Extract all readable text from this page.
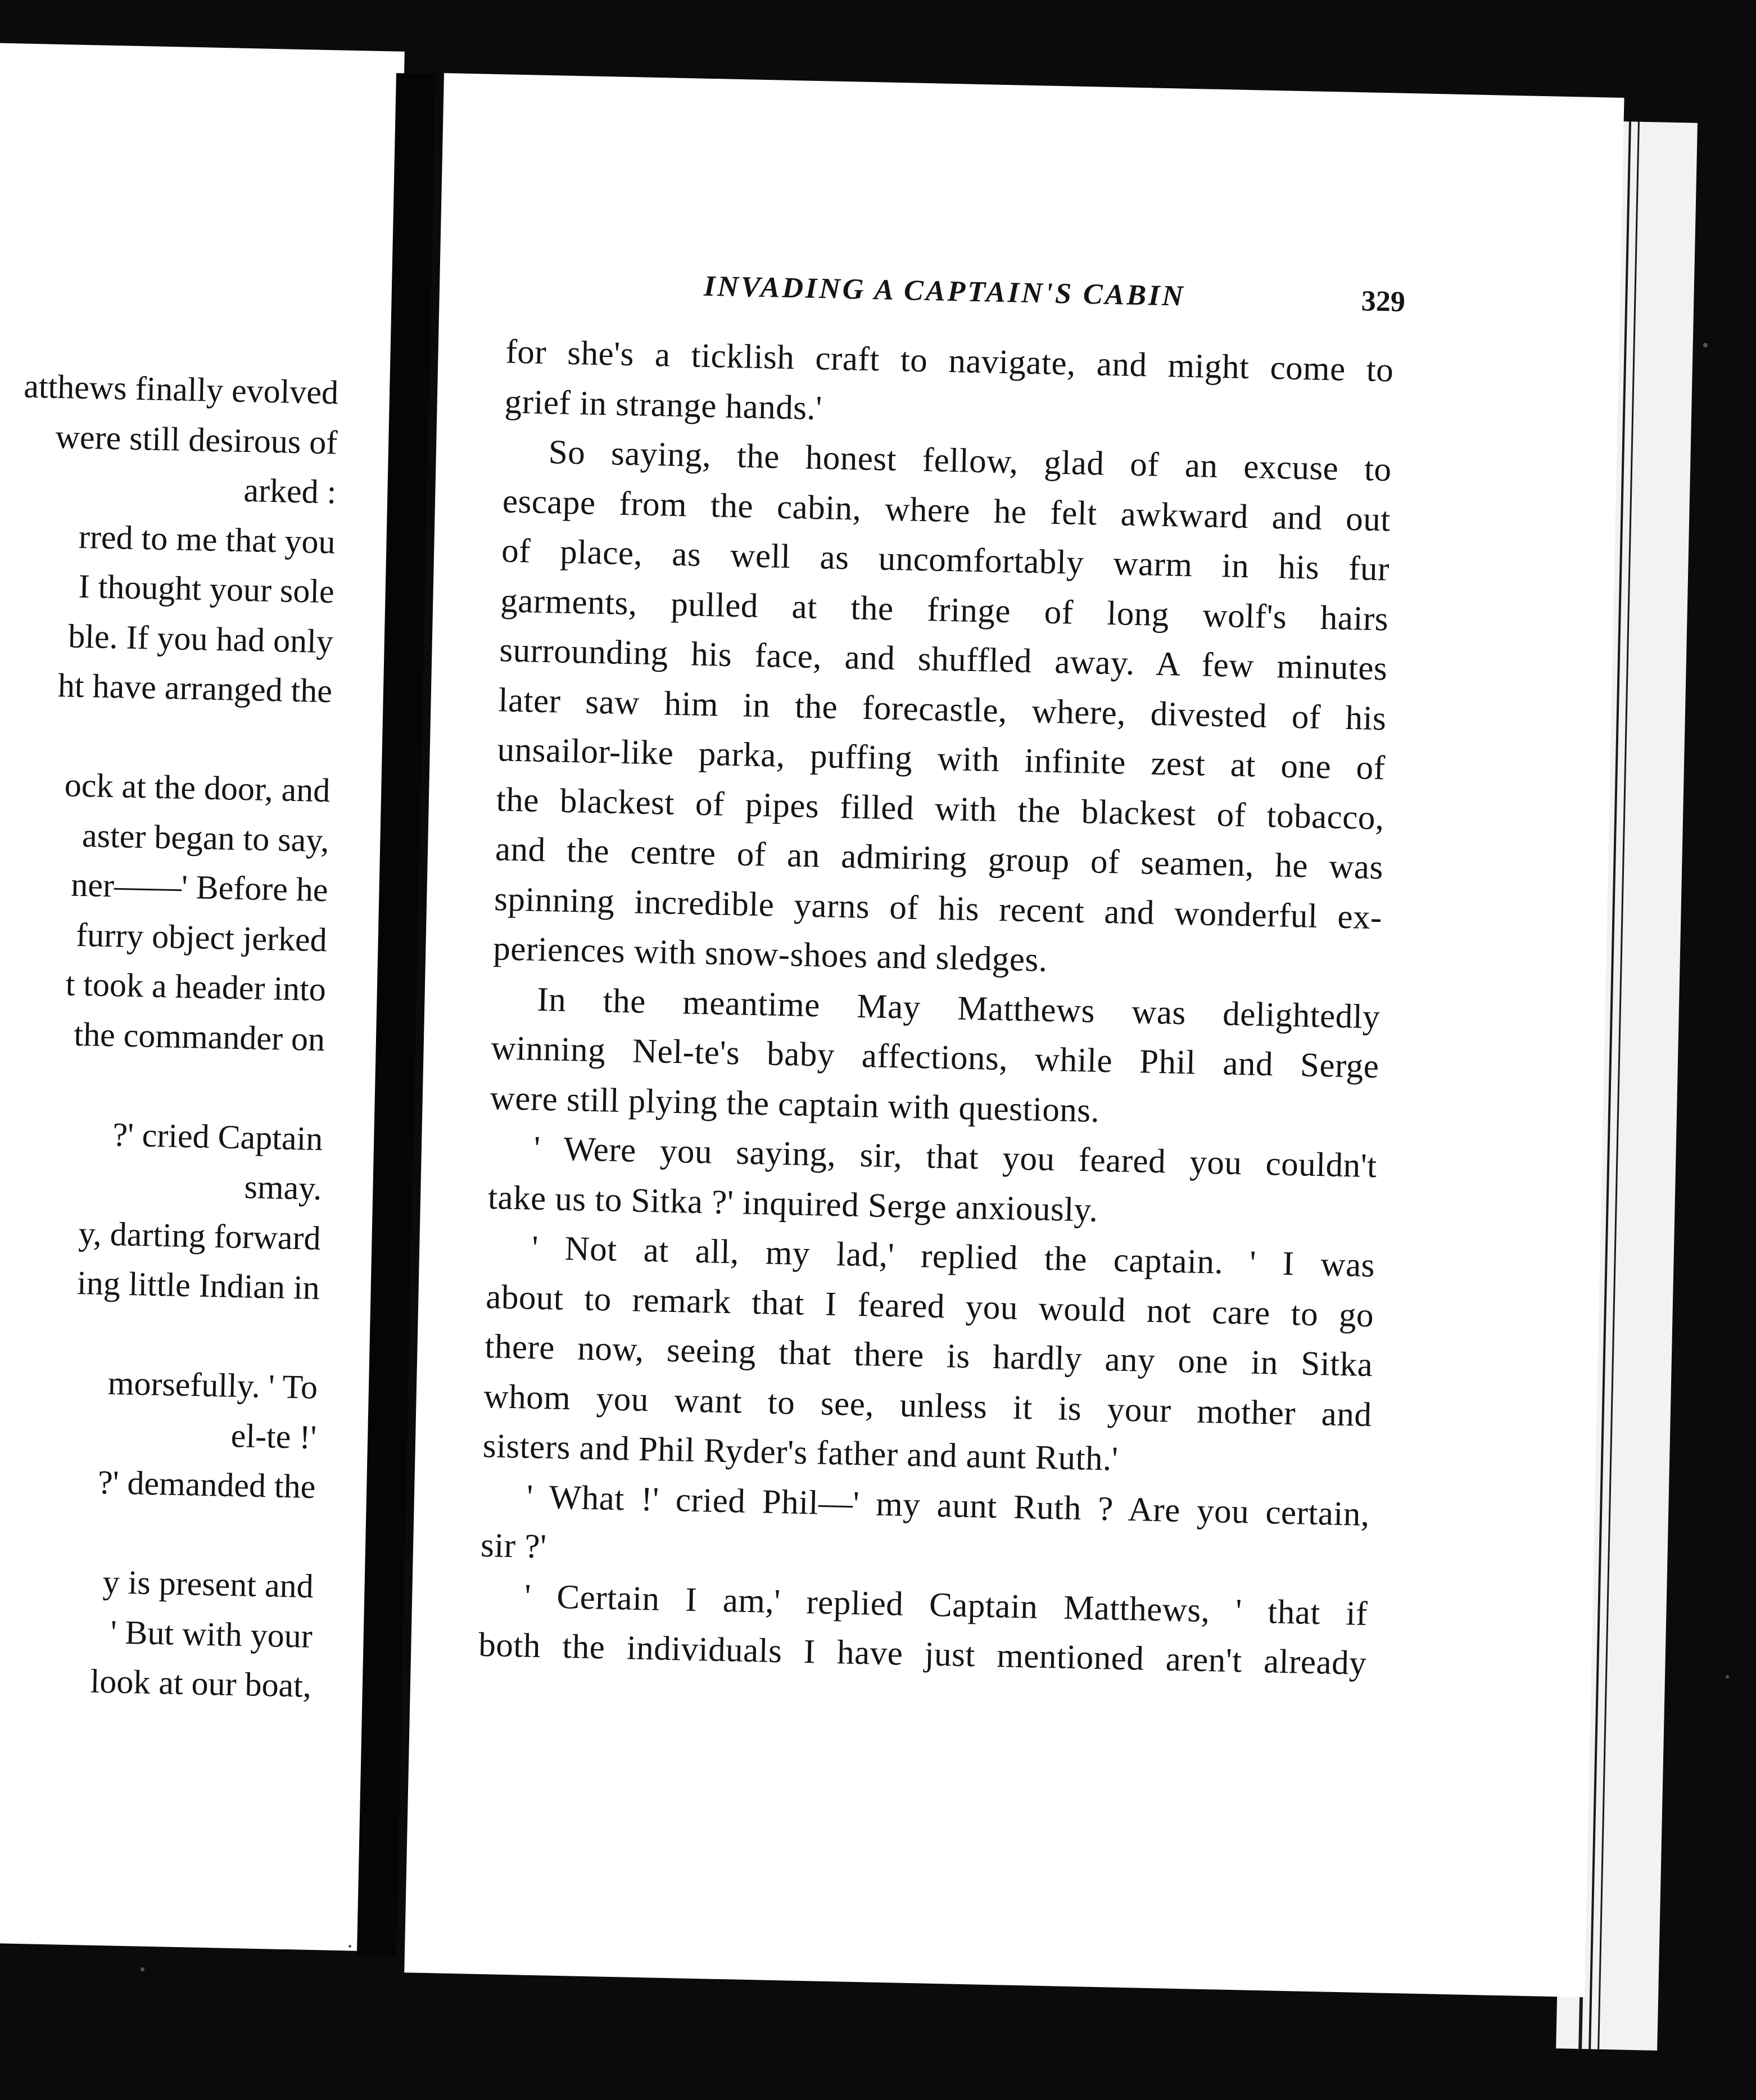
atthews finally evolved
were still desirous of
arked :
rred to me that you
I thought your sole
ble. If you had only
ht have arranged the
ock at the door, and
aster began to say,
ner——' Before he
furry object jerked
t took a header into
the commander on
?' cried Captain
smay.
y, darting forward
ing little Indian in
morsefully. ' To
el-te !'
?' demanded the
y is present and
' But with your
look at our boat,
INVADING A CAPTAIN'S CABIN	329
for she's a ticklish craft to navigate, and might come to
grief in strange hands.'
So saying, the honest fellow, glad of an excuse to
escape from the cabin, where he felt awkward and out
of place, as well as uncomfortably warm in his fur
garments, pulled at the fringe of long wolf's hairs
surrounding his face, and shuffled away. A few minutes
later saw him in the forecastle, where, divested of his
unsailor-like parka, puffing with infinite zest at one of
the blackest of pipes filled with the blackest of tobacco,
and the centre of an admiring group of seamen, he was
spinning incredible yarns of his recent and wonderful ex-
periences with snow-shoes and sledges.
In the meantime May Matthews was delightedly
winning Nel-te's baby affections, while Phil and Serge
were still plying the captain with questions.
' Were you saying, sir, that you feared you couldn't
take us to Sitka ?' inquired Serge anxiously.
' Not at all, my lad,' replied the captain. ' I was
about to remark that I feared you would not care to go
there now, seeing that there is hardly any one in Sitka
whom you want to see, unless it is your mother and
sisters and Phil Ryder's father and aunt Ruth.'
' What !' cried Phil—' my aunt Ruth ? Are you certain,
sir ?'
' Certain I am,' replied Captain Matthews, ' that if
both the individuals I have just mentioned aren't already
